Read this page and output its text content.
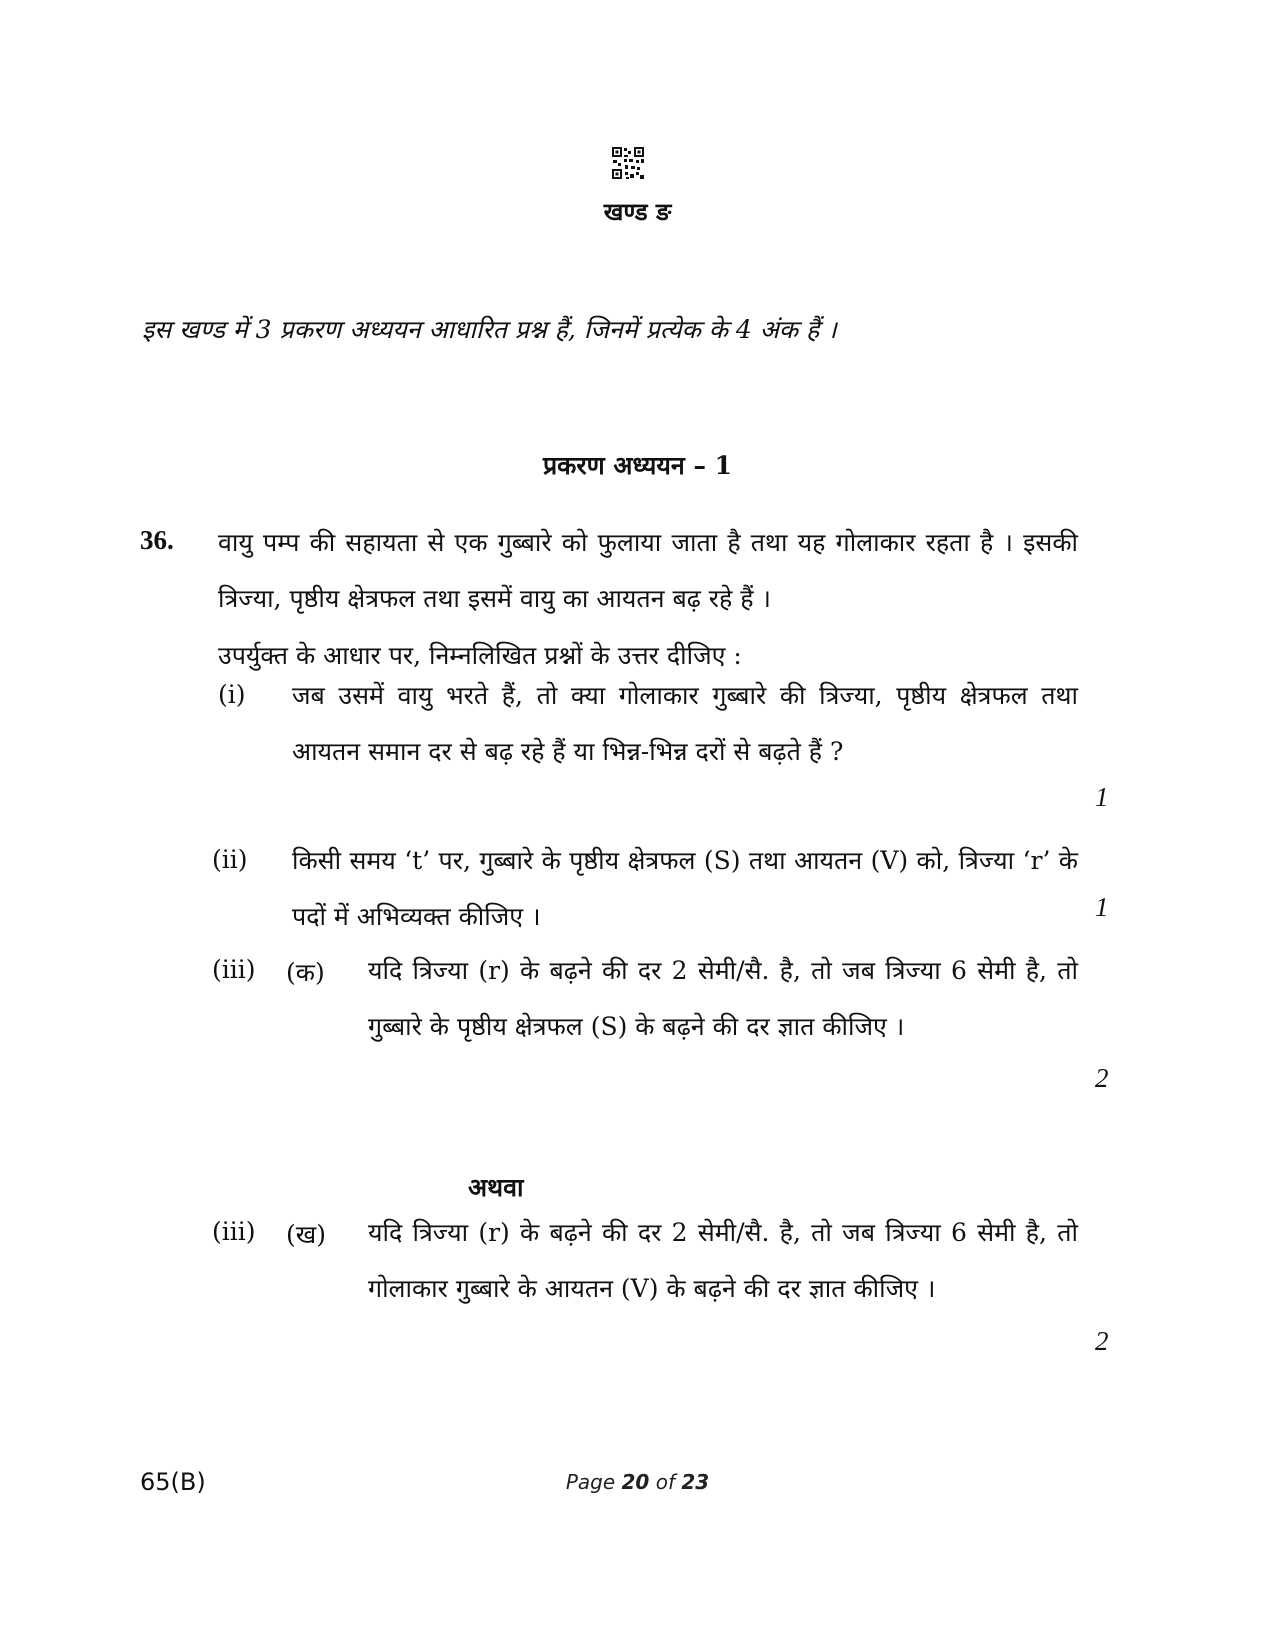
खण्ड ङ
इस खण्ड में 3 प्रकरण अध्ययन आधारित प्रश्न हैं, जिनमें प्रत्येक के 4 अंक हैं ।
प्रकरण अध्ययन – 1
36. वायु पम्प की सहायता से एक गुब्बारे को फुलाया जाता है तथा यह गोलाकार रहता है । इसकी त्रिज्या, पृष्ठीय क्षेत्रफल तथा इसमें वायु का आयतन बढ़ रहे हैं ।
उपर्युक्त के आधार पर, निम्नलिखित प्रश्नों के उत्तर दीजिए :
(i) जब उसमें वायु भरते हैं, तो क्या गोलाकार गुब्बारे की त्रिज्या, पृष्ठीय क्षेत्रफल तथा आयतन समान दर से बढ़ रहे हैं या भिन्न-भिन्न दरों से बढ़ते हैं ?
1
(ii) किसी समय ‘t’ पर, गुब्बारे के पृष्ठीय क्षेत्रफल (S) तथा आयतन (V) को, त्रिज्या ‘r’ के पदों में अभिव्यक्त कीजिए ।	1
(iii) (क) यदि त्रिज्या (r) के बढ़ने की दर 2 सेमी/सै. है, तो जब त्रिज्या 6 सेमी है, तो गुब्बारे के पृष्ठीय क्षेत्रफल (S) के बढ़ने की दर ज्ञात कीजिए ।
2
अथवा
(iii) (ख) यदि त्रिज्या (r) के बढ़ने की दर 2 सेमी/सै. है, तो जब त्रिज्या 6 सेमी है, तो गोलाकार गुब्बारे के आयतन (V) के बढ़ने की दर ज्ञात कीजिए ।
2
65(B)	Page 20 of 23
